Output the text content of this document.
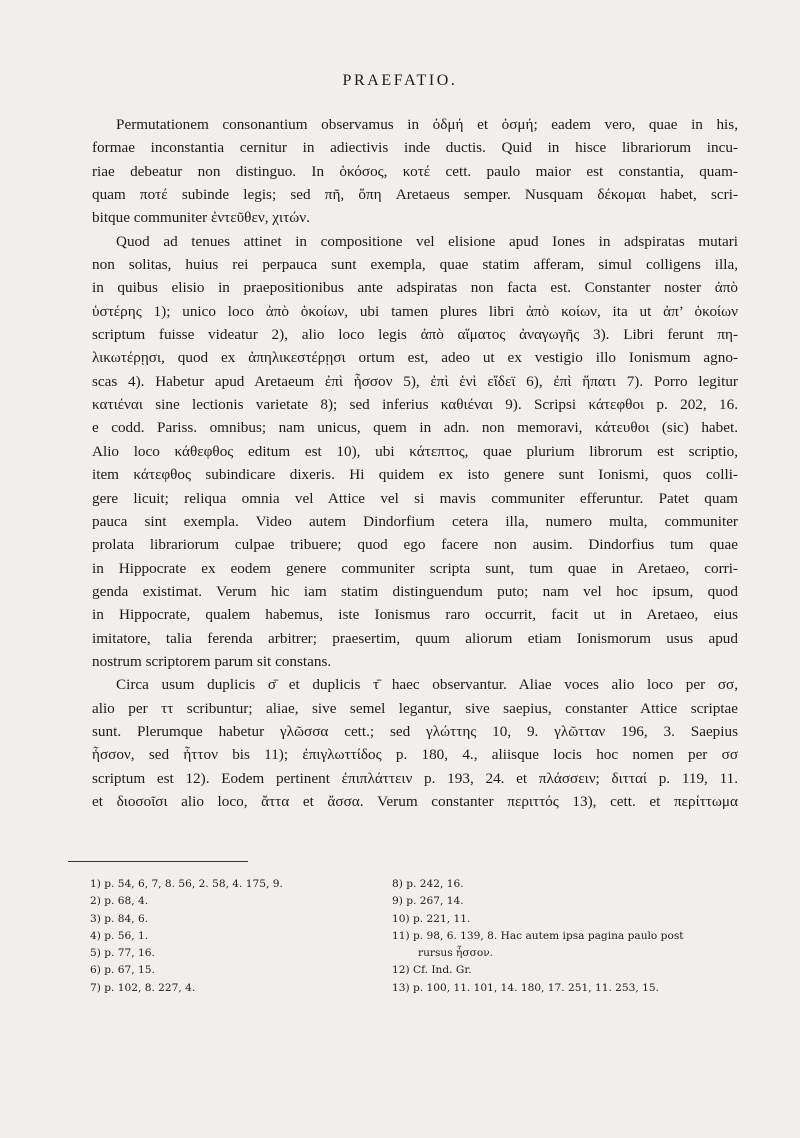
PRAEFATIO.

Permutationem consonantium observamus in ὀδμή et ὀσμή; eadem vero, quae in his,
formae inconstantia cernitur in adiectivis inde ductis. Quid in hisce librariorum incu-
riae debeatur non distinguo. In ὁκόσος, κοτέ cett. paulo maior est constantia, quam-
quam ποτέ subinde legis; sed πῆ, ὅπη Aretaeus semper. Nusquam δέκομαι habet, scri-
bitque communiter ἐντεῦθεν, χιτών.

Quod ad tenues attinet in compositione vel elisione apud Iones in adspiratas mutari
non solitas, huius rei perpauca sunt exempla, quae statim afferam, simul colligens illa,
in quibus elisio in praepositionibus ante adspiratas non facta est. Constanter noster ἀπὸ
ὑστέρης 1); unico loco ἀπὸ ὁκοίων, ubi tamen plures libri ἀπὸ κοίων, ita ut ἀπ’ ὁκοίων
scriptum fuisse videatur 2), alio loco legis ἀπὸ αἵματος ἀναγωγῆς 3). Libri ferunt πη-
λικωτέρῃσι, quod ex ἀπηλικεστέρῃσι ortum est, adeo ut ex vestigio illo Ionismum agno-
scas 4). Habetur apud Aretaeum ἐπὶ ἧσσον 5), ἐπὶ ἑνὶ εἴδεϊ 6), ἐπὶ ἥπατι 7). Porro legitur
κατιέναι sine lectionis varietate 8); sed inferius καθιέναι 9). Scripsi κάτεφθοι p. 202, 16.
e codd. Pariss. omnibus; nam unicus, quem in adn. non memoravi, κάτευθοι (sic) habet.
Alio loco κάθεφθος editum est 10), ubi κάτεπτος, quae plurium librorum est scriptio,
item κάτεφθος subindicare dixeris. Hi quidem ex isto genere sunt Ionismi, quos colli-
gere licuit; reliqua omnia vel Attice vel si mavis communiter efferuntur. Patet quam
pauca sint exempla. Video autem Dindorfium cetera illa, numero multa, communiter
prolata librariorum culpae tribuere; quod ego facere non ausim. Dindorfius tum quae
in Hippocrate ex eodem genere communiter scripta sunt, tum quae in Aretaeo, corri-
genda existimat. Verum hic iam statim distinguendum puto; nam vel hoc ipsum, quod
in Hippocrate, qualem habemus, iste Ionismus raro occurrit, facit ut in Aretaeo, eius
imitatore, talia ferenda arbitrer; praesertim, quum aliorum etiam Ionismorum usus apud
nostrum scriptorem parum sit constans.

Circa usum duplicis σ̄ et duplicis τ̄ haec observantur. Aliae voces alio loco per σσ,
alio per ττ scribuntur; aliae, sive semel legantur, sive saepius, constanter Attice scriptae
sunt. Plerumque habetur γλῶσσα cett.; sed γλώττης 10, 9. γλῶτταν 196, 3. Saepius
ἧσσον, sed ἧττον bis 11); ἐπιγλωττίδος p. 180, 4., aliisque locis hoc nomen per σσ
scriptum est 12). Eodem pertinent ἐπιπλάττειν p. 193, 24. et πλάσσειν; διτταί p. 119, 11.
et διοσοῖσι alio loco, ἄττα et ἄσσα. Verum constanter περιττός 13), cett. et περίττωμα

1) p. 54, 6, 7, 8. 56, 2. 58, 4. 175, 9.
2) p. 68, 4.
3) p. 84, 6.
4) p. 56, 1.
5) p. 77, 16.
6) p. 67, 15.
7) p. 102, 8. 227, 4.
8) p. 242, 16.
9) p. 267, 14.
10) p. 221, 11.
11) p. 98, 6. 139, 8. Hac autem ipsa pagina paulo post
rursus ἧσσον.
12) Cf. Ind. Gr.
13) p. 100, 11. 101, 14. 180, 17. 251, 11. 253, 15.
